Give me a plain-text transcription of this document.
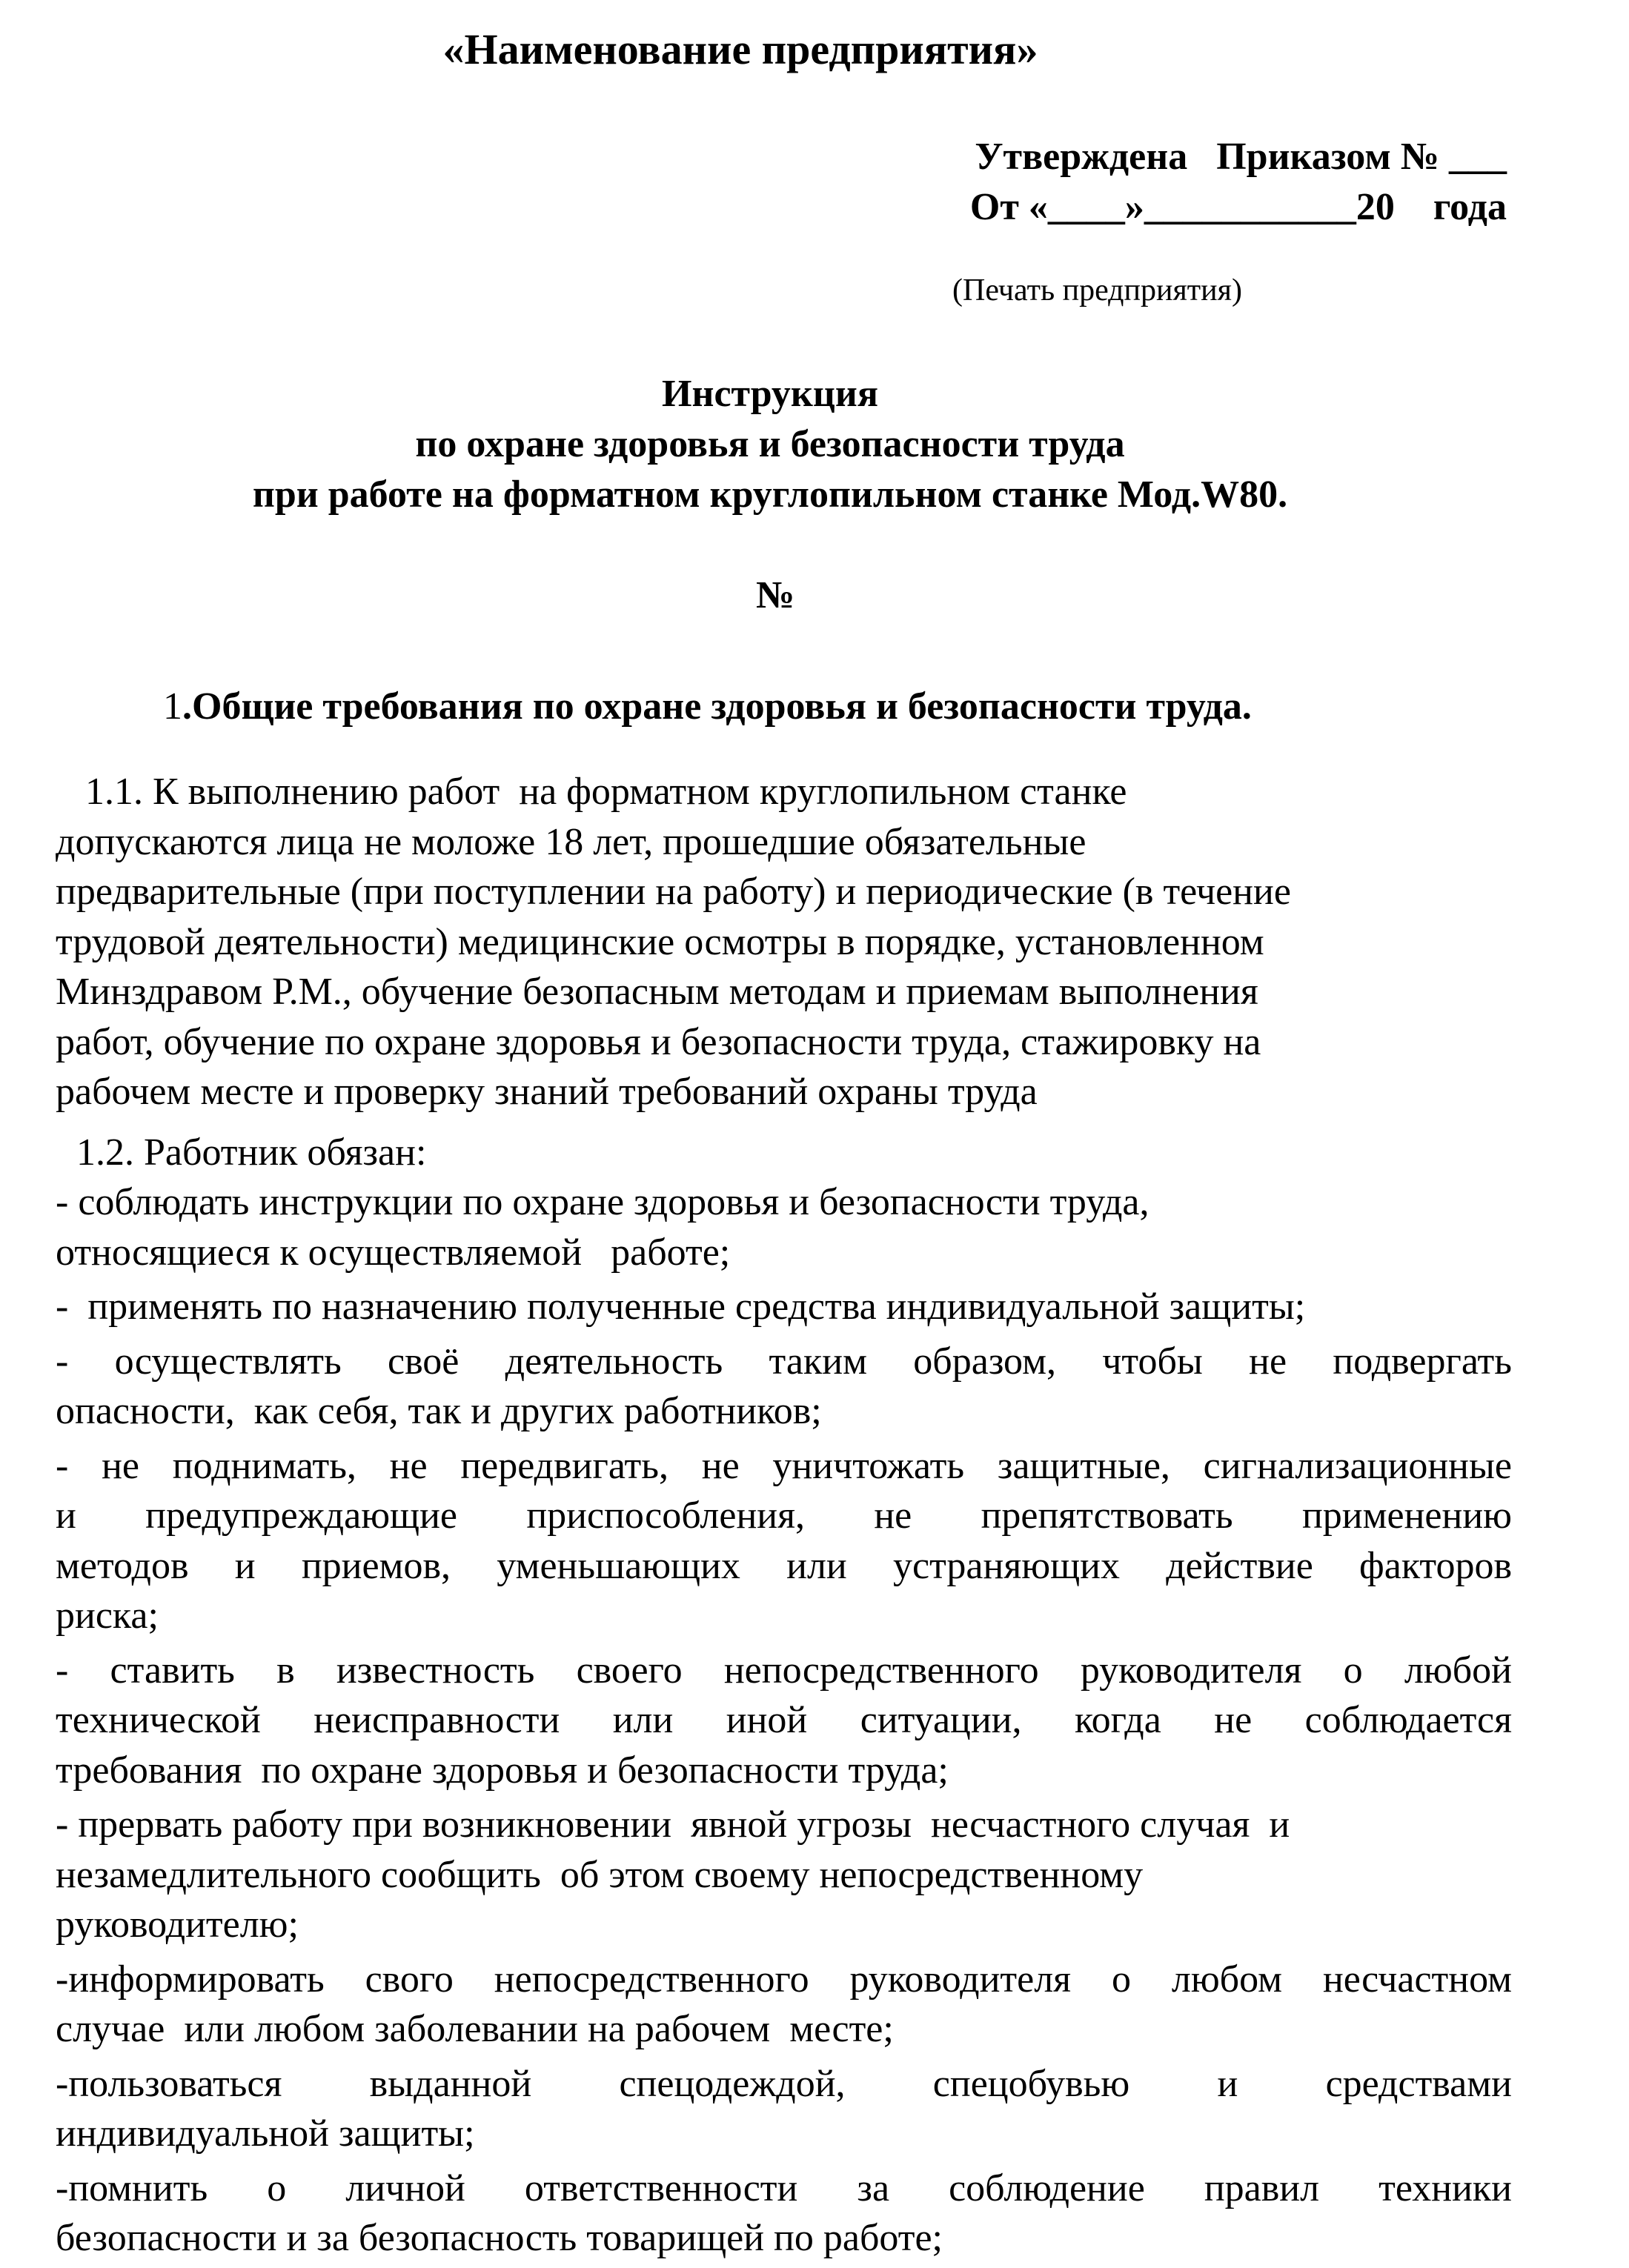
«Наименование предприятия»
Утверждена   Приказом № ___
От «____»___________20    года
(Печать предприятия)
Инструкция
по охране здоровья и безопасности труда
при работе на форматном круглопильном станке Мод.W80.
№
1.Общие требования по охране здоровья и безопасности труда.
1.1. К выполнению работ  на форматном круглопильном станке
допускаются лица не моложе 18 лет, прошедшие обязательные
предварительные (при поступлении на работу) и периодические (в течение
трудовой деятельности) медицинские осмотры в порядке, установленном
Минздравом Р.М., обучение безопасным методам и приемам выполнения
работ, обучение по охране здоровья и безопасности труда, стажировку на
рабочем месте и проверку знаний требований охраны труда
1.2. Работник обязан:
- соблюдать инструкции по охране здоровья и безопасности труда,
относящиеся к осуществляемой   работе;
-  применять по назначению полученные средства индивидуальной защиты;
- осуществлять своё деятельность таким образом, чтобы не подвергать
опасности,  как себя, так и других работников;
- не поднимать, не передвигать, не уничтожать защитные, сигнализационные
и предупреждающие приспособления, не препятствовать применению
методов и приемов, уменьшающих или устраняющих действие факторов
риска;
- ставить в известность своего непосредственного руководителя о любой
технической неисправности или иной ситуации, когда не соблюдается
требования  по охране здоровья и безопасности труда;
- прервать работу при возникновении  явной угрозы  несчастного случая  и
незамедлительного сообщить  об этом своему непосредственному
руководителю;
-информировать свого непосредственного руководителя о любом несчастном
случае  или любом заболевании на рабочем  месте;
-пользоваться выданной спецодеждой, спецобувью и средствами
индивидуальной защиты;
-помнить о личной ответственности за соблюдение правил техники
безопасности и за безопасность товарищей по работе;
